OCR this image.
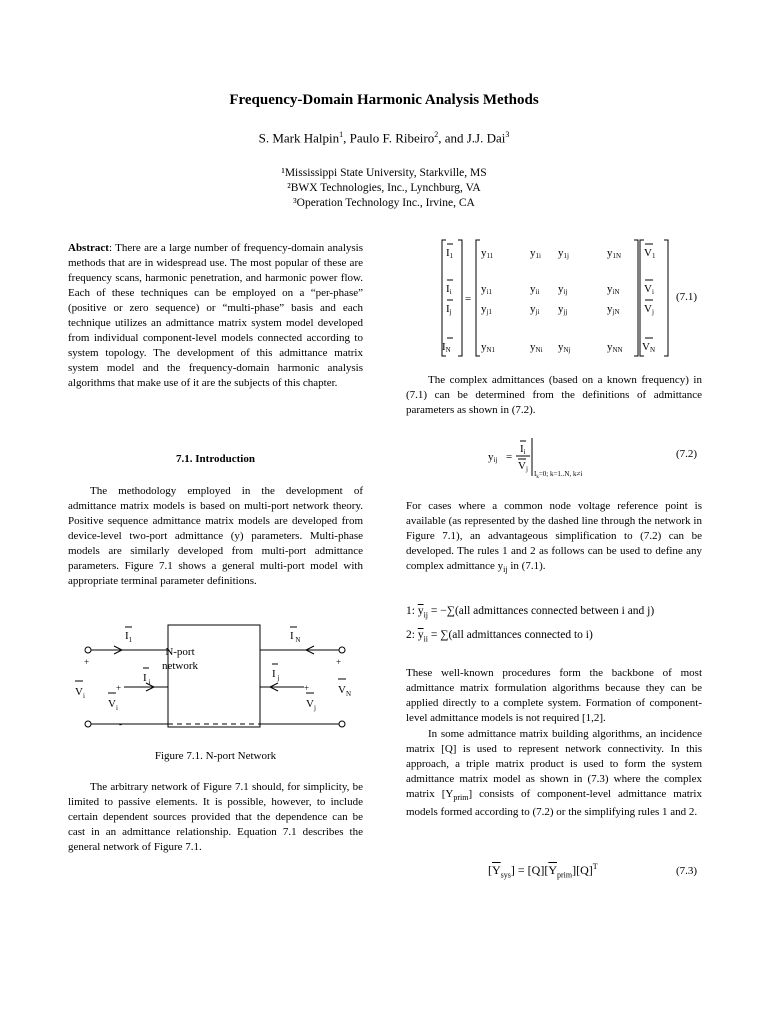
Frequency-Domain Harmonic Analysis Methods
S. Mark Halpin$^1$, Paulo F. Ribeiro$^2$, and J.J. Dai$^3$
¹Mississippi State University, Starkville, MS
²BWX Technologies, Inc., Lynchburg, VA
³Operation Technology Inc., Irvine, CA
Abstract: There are a large number of frequency-domain analysis methods that are in widespread use. The most popular of these are frequency scans, harmonic penetration, and harmonic power flow. Each of these techniques can be employed on a “per-phase” (positive or zero sequence) or “multi-phase” basis and each technique utilizes an admittance matrix system model developed from individual component-level models connected according to system topology. The development of this admittance matrix system model and the frequency-domain harmonic analysis algorithms that make use of it are the subjects of this chapter.
7.1. Introduction
The methodology employed in the development of admittance matrix models is based on multi-port network theory. Positive sequence admittance matrix models are developed from device-level two-port admittance (y) parameters. Multi-phase models are similarly developed from multi-port admittance parameters. Figure 7.1 shows a general multi-port model with appropriate terminal parameter definitions.
$I_1$	I $_N$
I $_i$
I $_j$
+	+
+	+
-
$V_i$
$V_i$
$V_N$
$V_j$
N-port
network
Figure 7.1. N-port Network
The arbitrary network of Figure 7.1 should, for simplicity, be limited to passive elements. It is possible, however, to include certain dependent sources provided that the dependence can be cast in an admittance relationship. Equation 7.1 describes the general network of Figure 7.1.
I1
Ii
Ij
IN
=
y11	y1i y1j	y1N
yi1	yii yij	yiN
yj1	yji yjj	yjN
yN1	yNi yNj	yNN
V1
Vi
Vj
VN
(7.1)
The complex admittances (based on a known frequency) in (7.1) can be determined from the definitions of admittance parameters as shown in (7.2).
yij =
Ii
Vj
$I_k=0$; k=1..N, k≠i
(7.2)
For cases where a common node voltage reference point is available (as represented by the dashed line through the network in Figure 7.1), an advantageous simplification to (7.2) can be developed. The rules 1 and 2 as follows can be used to define any complex admittance $y_{ij}$ in (7.1).
1: $\overline{y}_{ij} = -\sum(all$ admittances connected between i and j)
2: $\overline{y}_{ii} = \sum(all$ admittances connected to i)
These well-known procedures form the backbone of most admittance matrix formulation algorithms because they can be applied directly to a complete system. Formation of component-level admittance models is not required [1,2].
In some admittance matrix building algorithms, an incidence matrix [Q] is used to represent network connectivity. In this approach, a triple matrix product is used to form the system admittance matrix model as shown in (7.3) where the complex matrix $[Y_{prim}]$ consists of component-level admittance matrix models formed according to (7.2) or the simplifying rules 1 and 2.
$[\overline{Y}_{sys}] = [Q][\overline{Y}_{prim}][Q]^T$	(7.3)
